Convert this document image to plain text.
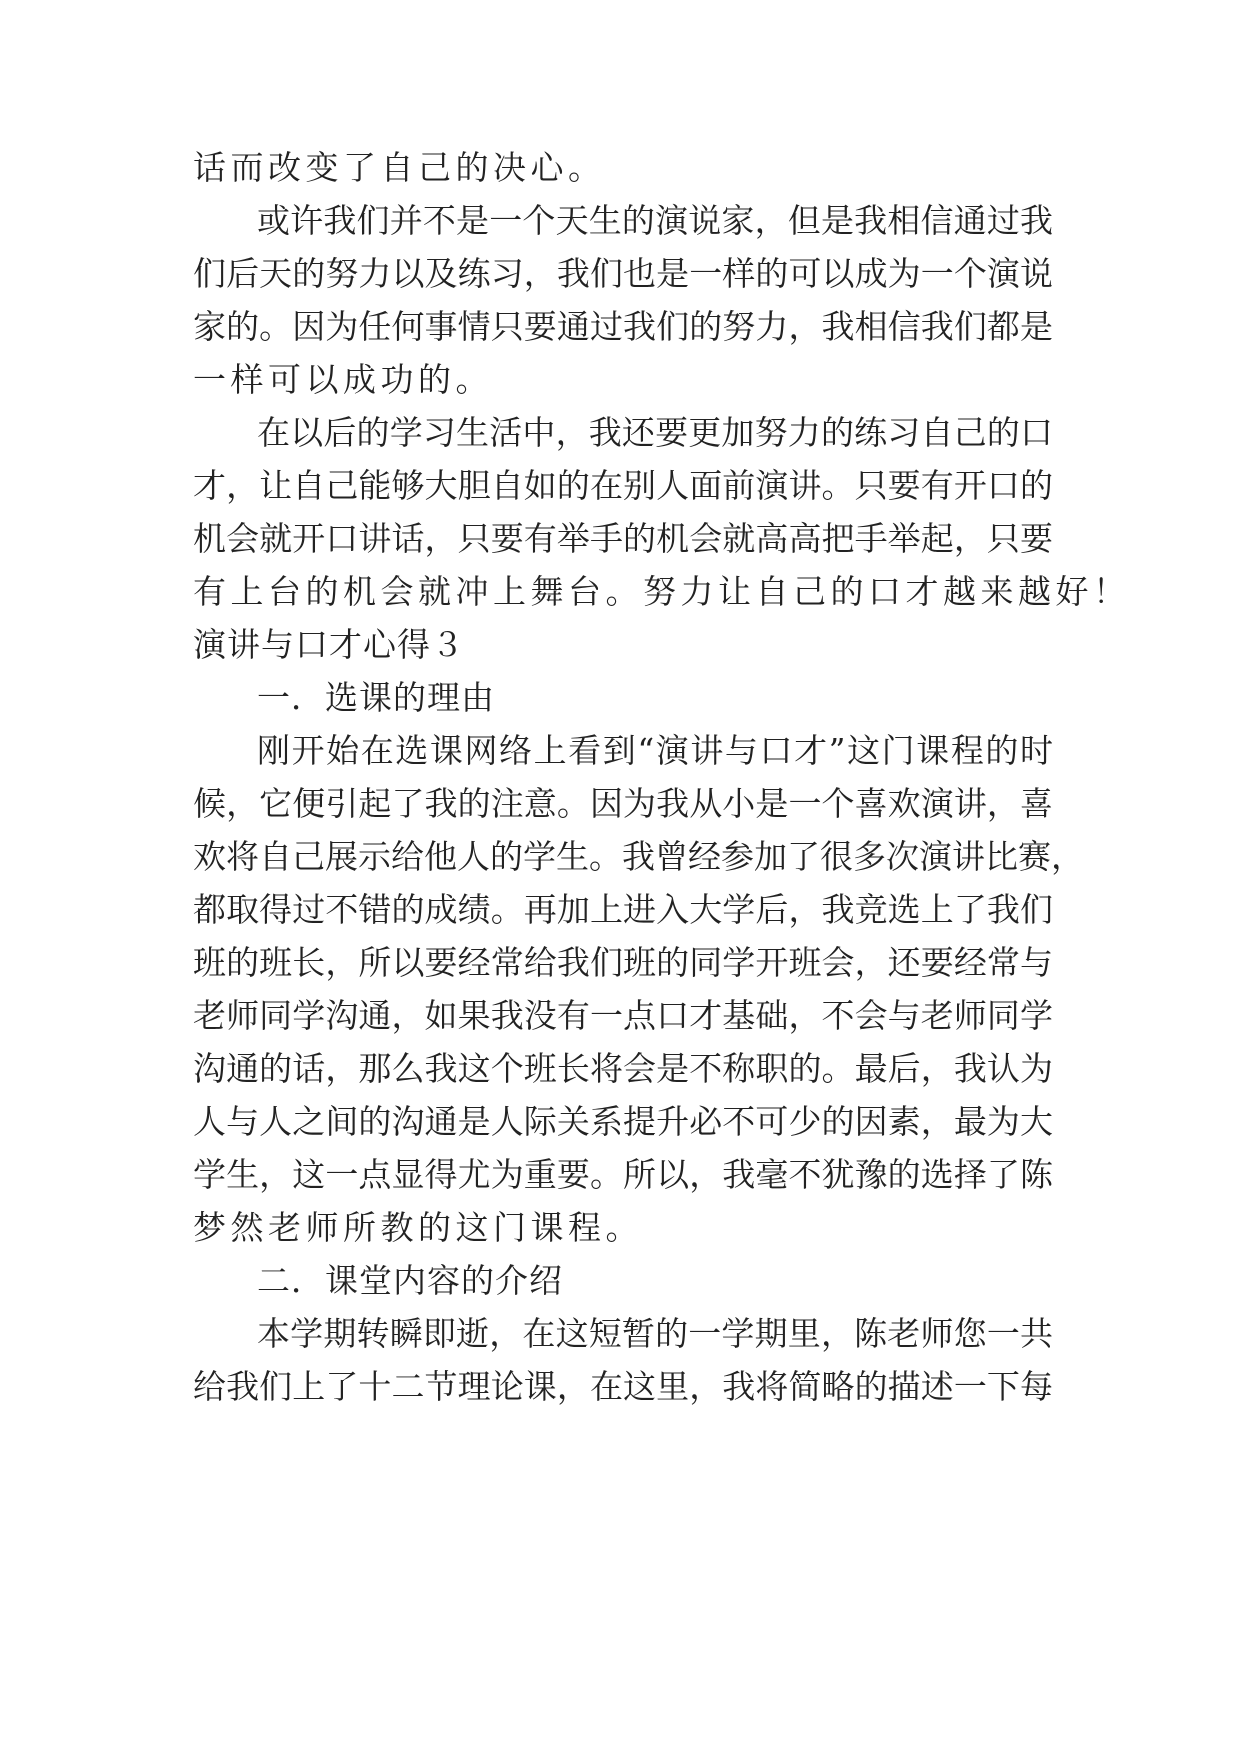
话而改变了自己的决心。
或许我们并不是一个天生的演说家，但是我相信通过我
们后天的努力以及练习，我们也是一样的可以成为一个演说
家的。因为任何事情只要通过我们的努力，我相信我们都是
一样可以成功的。
在以后的学习生活中，我还要更加努力的练习自己的口
才，让自己能够大胆自如的在别人面前演讲。只要有开口的
机会就开口讲话，只要有举手的机会就高高把手举起，只要
有上台的机会就冲上舞台。努力让自己的口才越来越好！
演讲与口才心得３
一．选课的理由
刚开始在选课网络上看到“演讲与口才”这门课程的时
候，它便引起了我的注意。因为我从小是一个喜欢演讲，喜
欢将自己展示给他人的学生。我曾经参加了很多次演讲比赛，
都取得过不错的成绩。再加上进入大学后，我竞选上了我们
班的班长，所以要经常给我们班的同学开班会，还要经常与
老师同学沟通，如果我没有一点口才基础，不会与老师同学
沟通的话，那么我这个班长将会是不称职的。最后，我认为
人与人之间的沟通是人际关系提升必不可少的因素，最为大
学生，这一点显得尤为重要。所以，我毫不犹豫的选择了陈
梦然老师所教的这门课程。
二．课堂内容的介绍
本学期转瞬即逝，在这短暂的一学期里，陈老师您一共
给我们上了十二节理论课，在这里，我将简略的描述一下每
